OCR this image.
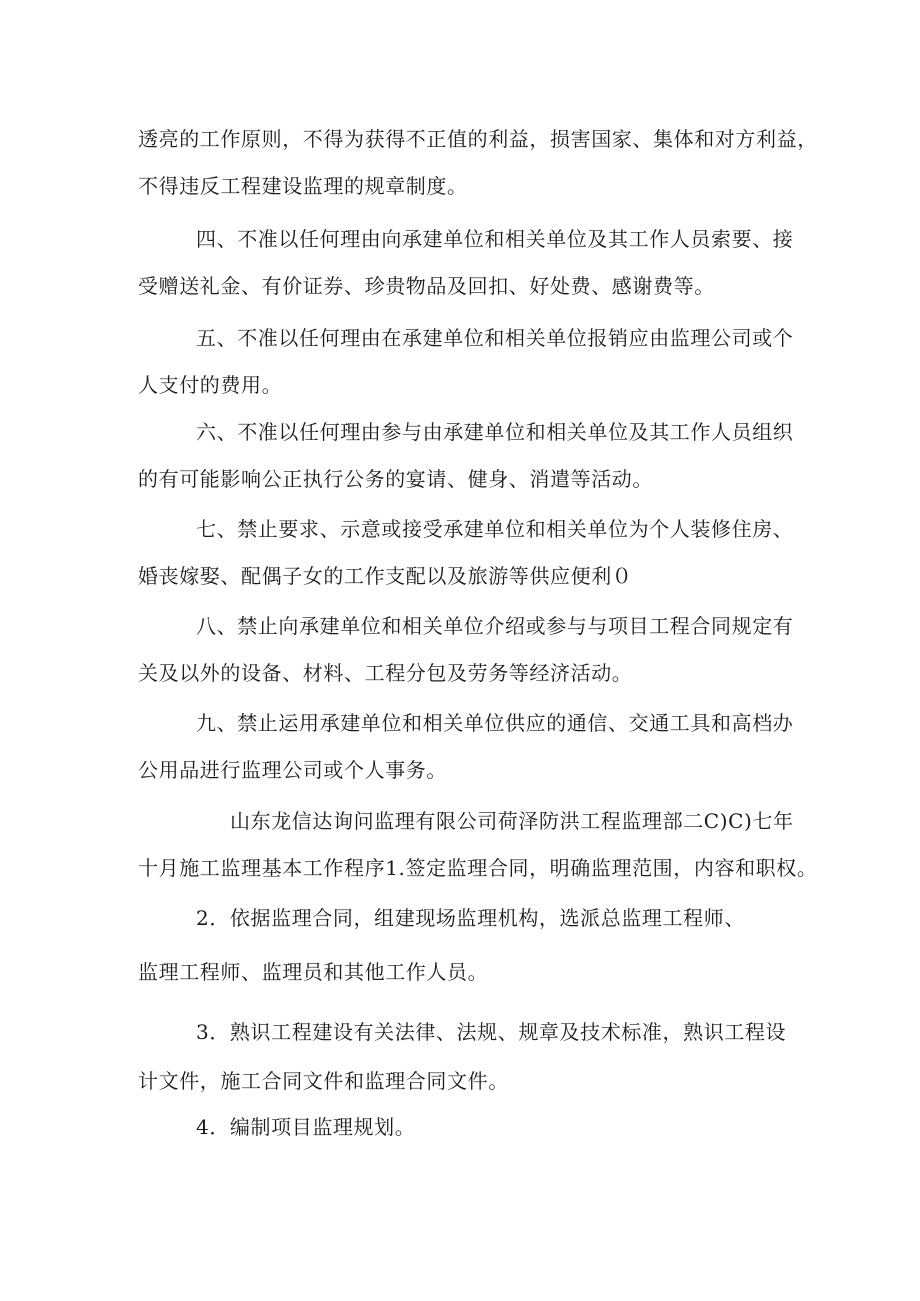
透亮的工作原则，不得为获得不正值的利益，损害国家、集体和对方利益，
不得违反工程建设监理的规章制度。
四、不准以任何理由向承建单位和相关单位及其工作人员索要、接
受赠送礼金、有价证券、珍贵物品及回扣、好处费、感谢费等。
五、不准以任何理由在承建单位和相关单位报销应由监理公司或个
人支付的费用。
六、不准以任何理由参与由承建单位和相关单位及其工作人员组织
的有可能影响公正执行公务的宴请、健身、消遣等活动。
七、禁止要求、示意或接受承建单位和相关单位为个人装修住房、
婚丧嫁娶、配偶子女的工作支配以及旅游等供应便利０
八、禁止向承建单位和相关单位介绍或参与与项目工程合同规定有
关及以外的设备、材料、工程分包及劳务等经济活动。
九、禁止运用承建单位和相关单位供应的通信、交通工具和高档办
公用品进行监理公司或个人事务。
山东龙信达询问监理有限公司荷泽防洪工程监理部二C)C)七年
十月施工监理基本工作程序1.签定监理合同，明确监理范围，内容和职权。
2．依据监理合同，组建现场监理机构，选派总监理工程师、
监理工程师、监理员和其他工作人员。
3．熟识工程建设有关法律、法规、规章及技术标准，熟识工程设
计文件，施工合同文件和监理合同文件。
4．编制项目监理规划。
